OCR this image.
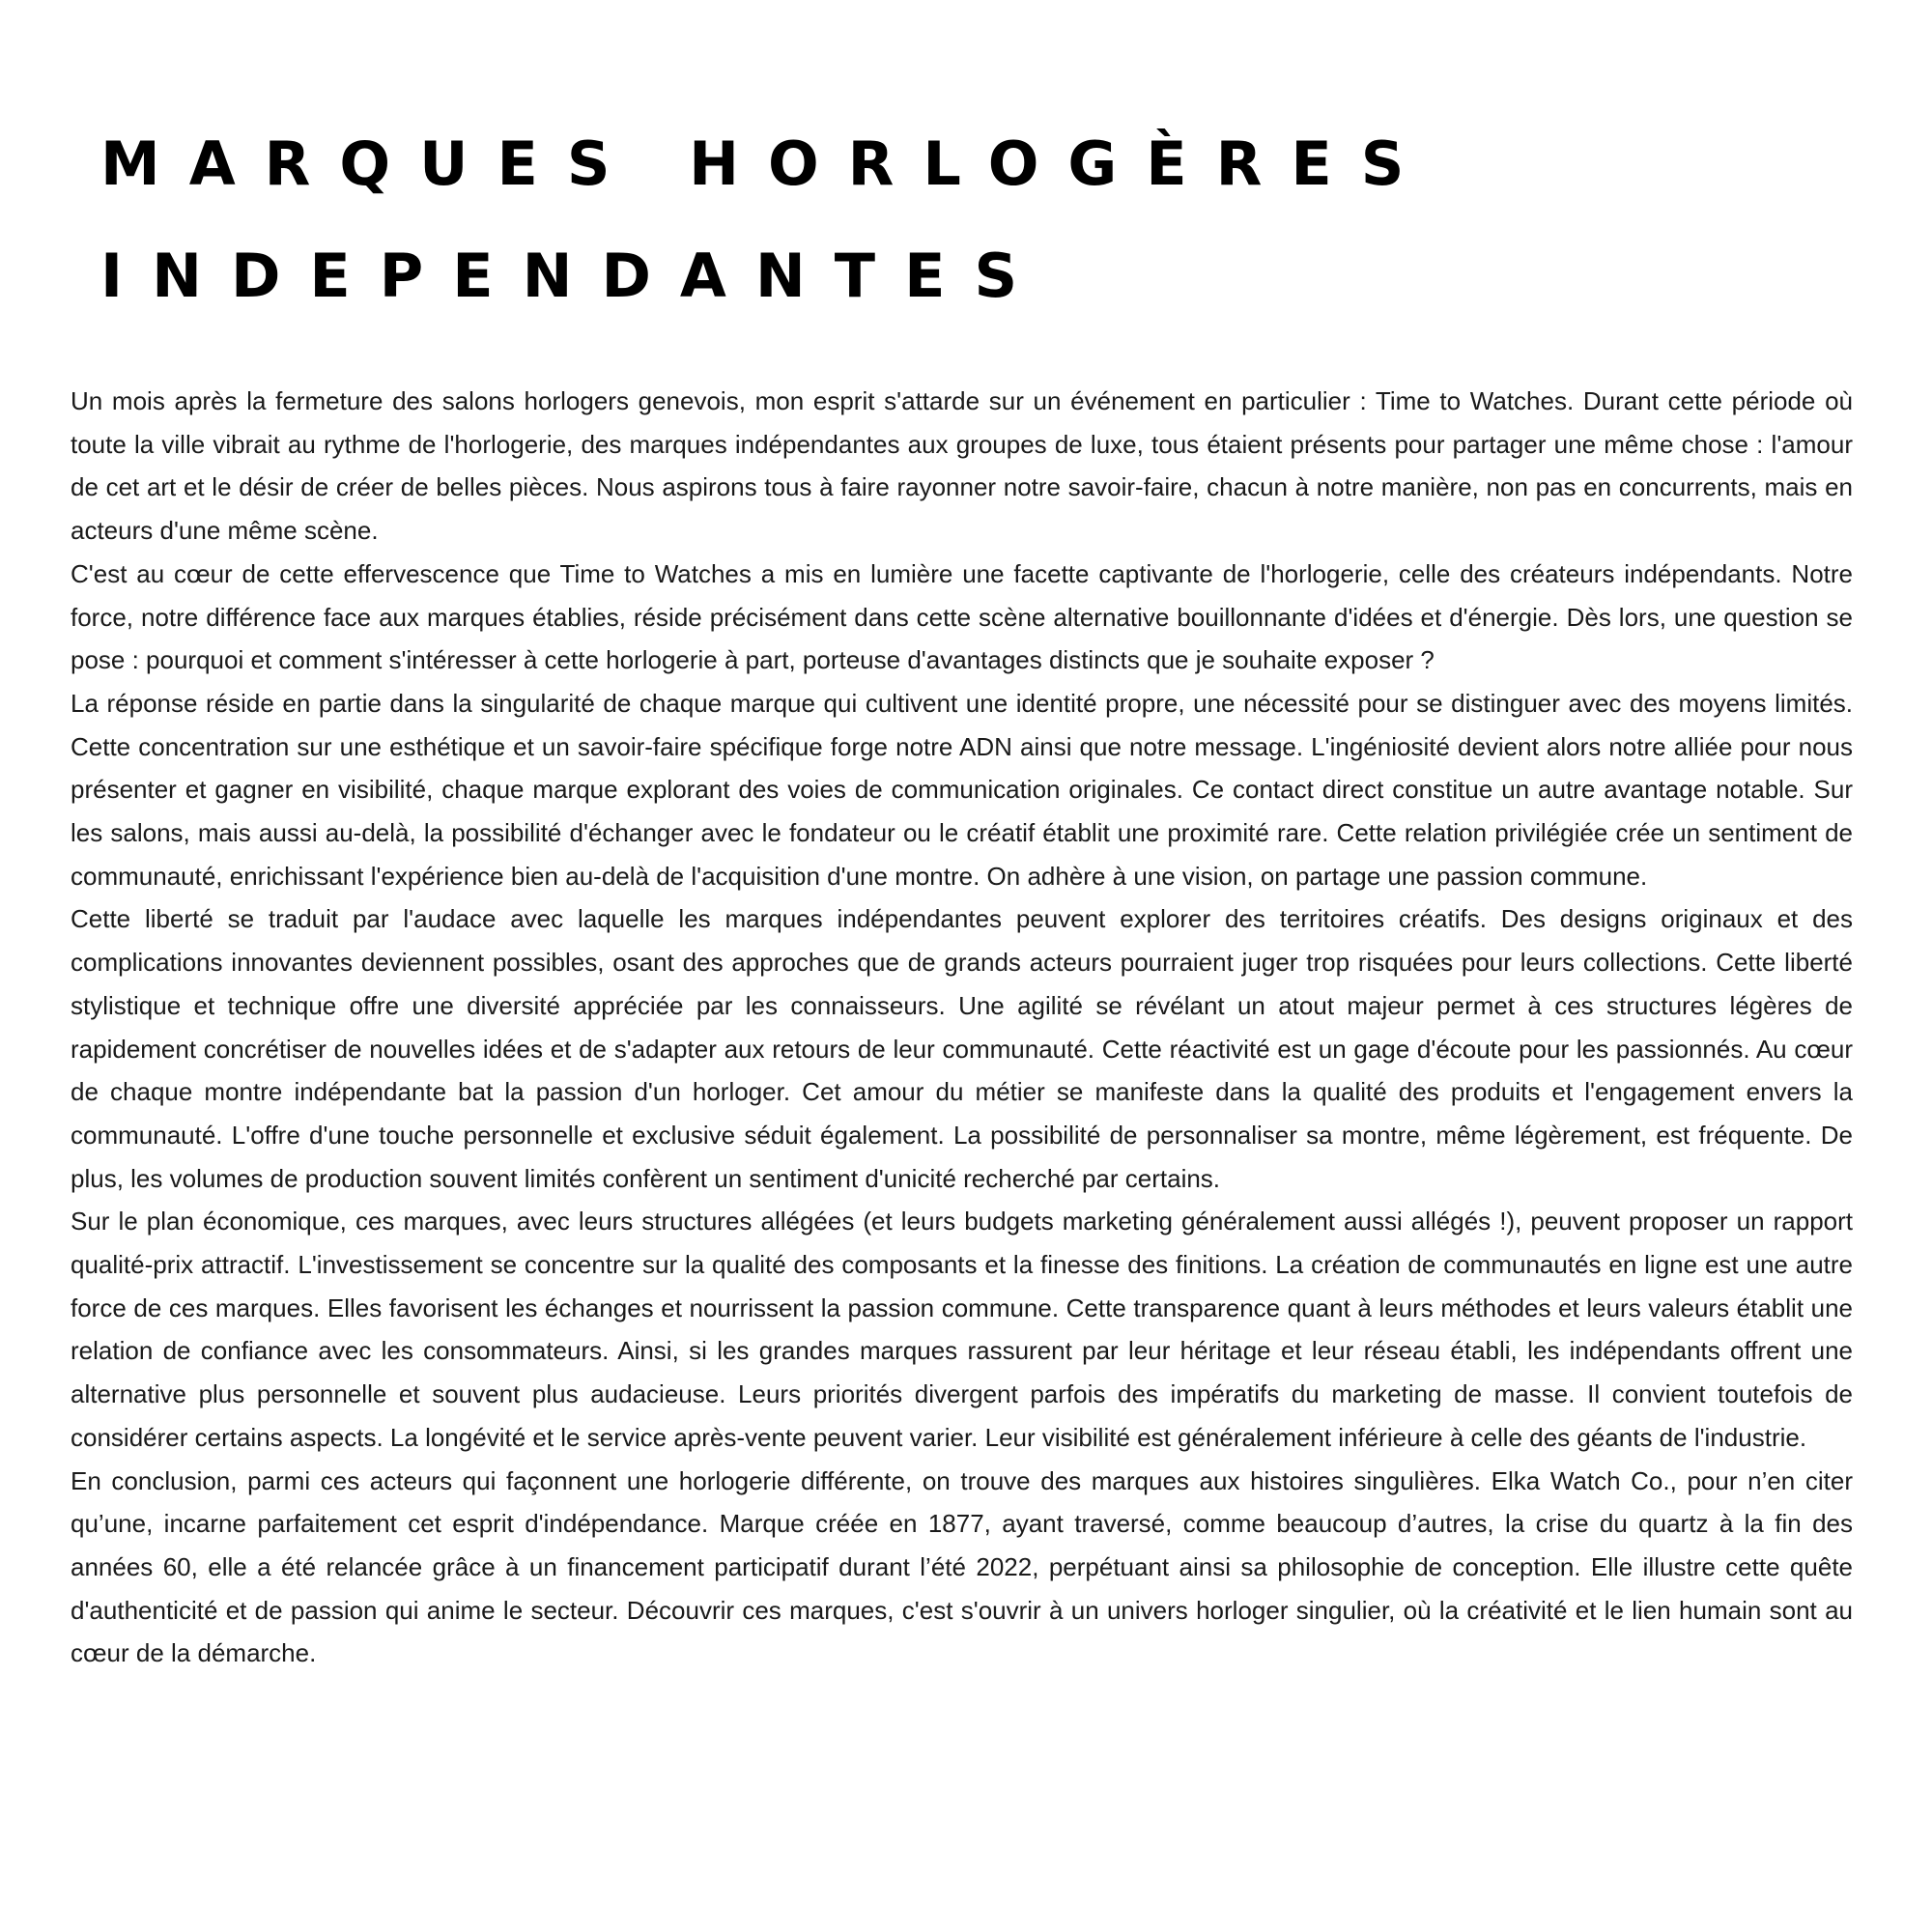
MARQUES HORLOGÈRES

INDEPENDANTES

Un mois après la fermeture des salons horlogers genevois, mon esprit s'attarde sur un événement en particulier : Time to Watches. Durant cette période où toute la ville vibrait au rythme de l'horlogerie, des marques indépendantes aux groupes de luxe, tous étaient présents pour partager une même chose : l'amour de cet art et le désir de créer de belles pièces. Nous aspirons tous à faire rayonner notre savoir-faire, chacun à notre manière, non pas en concurrents, mais en acteurs d'une même scène.

C'est au cœur de cette effervescence que Time to Watches a mis en lumière une facette captivante de l'horlogerie, celle des créateurs indépendants. Notre force, notre différence face aux marques établies, réside précisément dans cette scène alternative bouillonnante d'idées et d'énergie. Dès lors, une question se pose : pourquoi et comment s'intéresser à cette horlogerie à part, porteuse d'avantages distincts que je souhaite exposer ?

La réponse réside en partie dans la singularité de chaque marque qui cultivent une identité propre, une nécessité pour se distinguer avec des moyens limités. Cette concentration sur une esthétique et un savoir-faire spécifique forge notre ADN ainsi que notre message. L'ingéniosité devient alors notre alliée pour nous présenter et gagner en visibilité, chaque marque explorant des voies de communication originales. Ce contact direct constitue un autre avantage notable. Sur les salons, mais aussi au-delà, la possibilité d'échanger avec le fondateur ou le créatif établit une proximité rare. Cette relation privilégiée crée un sentiment de communauté, enrichissant l'expérience bien au-delà de l'acquisition d'une montre. On adhère à une vision, on partage une passion commune.

Cette liberté se traduit par l'audace avec laquelle les marques indépendantes peuvent explorer des territoires créatifs. Des designs originaux et des complications innovantes deviennent possibles, osant des approches que de grands acteurs pourraient juger trop risquées pour leurs collections. Cette liberté stylistique et technique offre une diversité appréciée par les connaisseurs. Une agilité se révélant un atout majeur permet à ces structures légères de rapidement concrétiser de nouvelles idées et de s'adapter aux retours de leur communauté. Cette réactivité est un gage d'écoute pour les passionnés. Au cœur de chaque montre indépendante bat la passion d'un horloger. Cet amour du métier se manifeste dans la qualité des produits et l'engagement envers la communauté. L'offre d'une touche personnelle et exclusive séduit également. La possibilité de personnaliser sa montre, même légèrement, est fréquente. De plus, les volumes de production souvent limités confèrent un sentiment d'unicité recherché par certains.

Sur le plan économique, ces marques, avec leurs structures allégées (et leurs budgets marketing généralement aussi allégés !), peuvent proposer un rapport qualité-prix attractif. L'investissement se concentre sur la qualité des composants et la finesse des finitions. La création de communautés en ligne est une autre force de ces marques. Elles favorisent les échanges et nourrissent la passion commune. Cette transparence quant à leurs méthodes et leurs valeurs établit une relation de confiance avec les consommateurs. Ainsi, si les grandes marques rassurent par leur héritage et leur réseau établi, les indépendants offrent une alternative plus personnelle et souvent plus audacieuse. Leurs priorités divergent parfois des impératifs du marketing de masse. Il convient toutefois de considérer certains aspects. La longévité et le service après-vente peuvent varier. Leur visibilité est généralement inférieure à celle des géants de l'industrie.

En conclusion, parmi ces acteurs qui façonnent une horlogerie différente, on trouve des marques aux histoires singulières. Elka Watch Co., pour n’en citer qu’une, incarne parfaitement cet esprit d'indépendance. Marque créée en 1877, ayant traversé, comme beaucoup d’autres, la crise du quartz à la fin des années 60, elle a été relancée grâce à un financement participatif durant l’été 2022, perpétuant ainsi sa philosophie de conception. Elle illustre cette quête d'authenticité et de passion qui anime le secteur. Découvrir ces marques, c'est s'ouvrir à un univers horloger singulier, où la créativité et le lien humain sont au cœur de la démarche.
